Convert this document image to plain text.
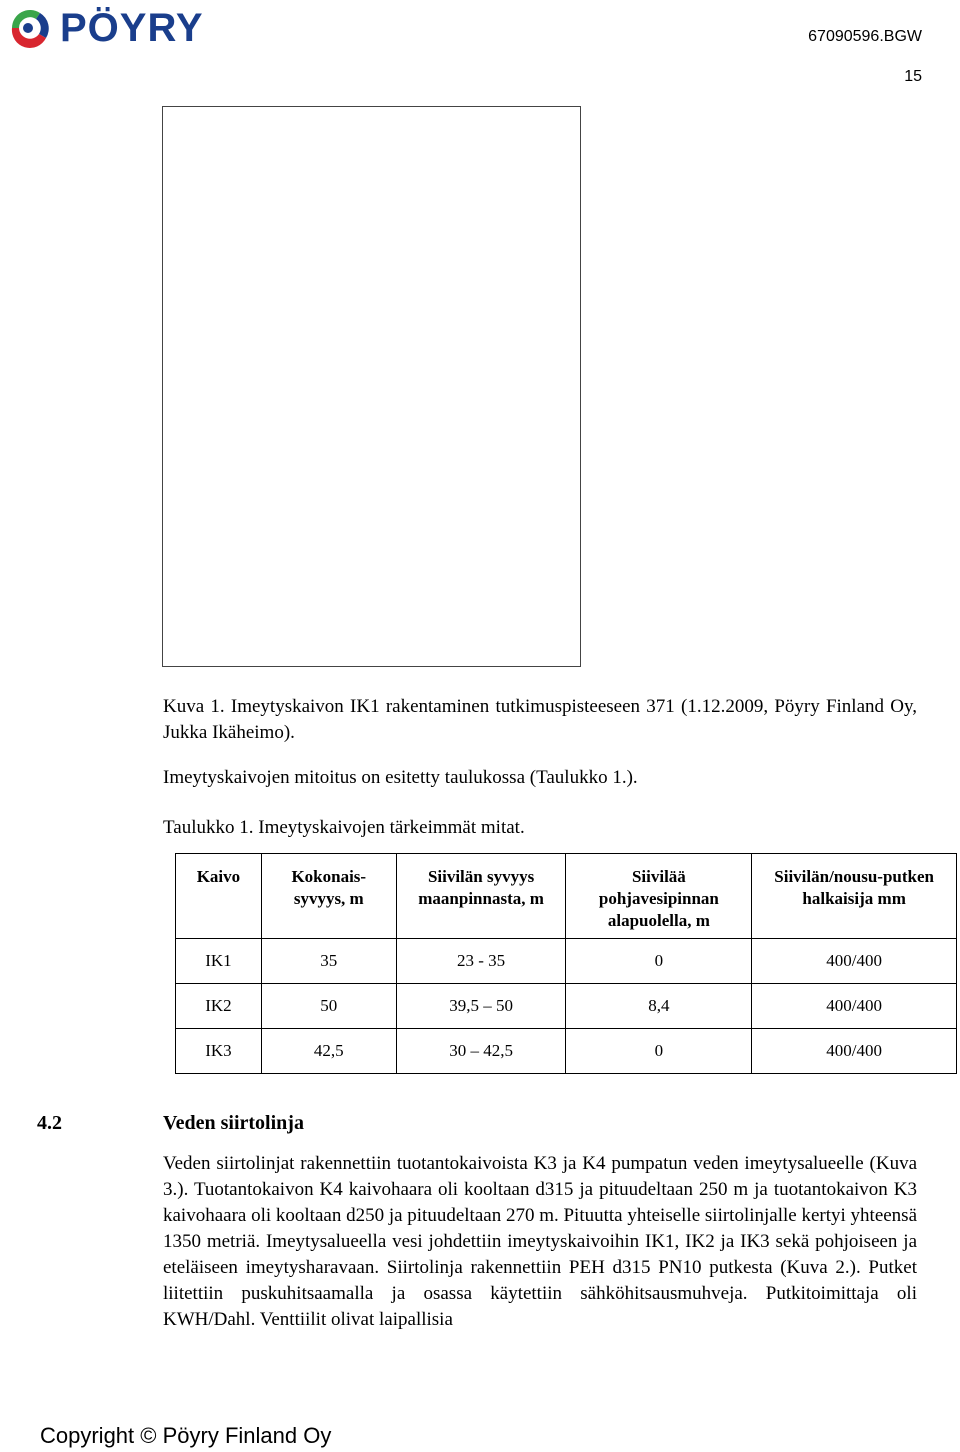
PÖYRY	67090596.BGW
15
Kuva 1. Imeytyskaivon IK1 rakentaminen tutkimuspisteeseen 371 (1.12.2009, Pöyry Finland Oy, Jukka Ikäheimo).
Imeytyskaivojen mitoitus on esitetty taulukossa (Taulukko 1.).
Taulukko 1. Imeytyskaivojen tärkeimmät mitat.
Kaivo	Kokonais-syvyys, m	Siivilän syvyys maanpinnasta, m	Siivilää pohjavesipinnan alapuolella, m	Siivilän/nousu-putken halkaisija mm
IK1	35	23 - 35	0	400/400
IK2	50	39,5 – 50	8,4	400/400
IK3	42,5	30 – 42,5	0	400/400
4.2	Veden siirtolinja
Veden siirtolinjat rakennettiin tuotantokaivoista K3 ja K4 pumpatun veden imeytysalueelle (Kuva 3.). Tuotantokaivon K4 kaivohaara oli kooltaan d315 ja pituudeltaan 250 m ja tuotantokaivon K3 kaivohaara oli kooltaan d250 ja pituudeltaan 270 m. Pituutta yhteiselle siirtolinjalle kertyi yhteensä 1350 metriä. Imeytysalueella vesi johdettiin imeytyskaivoihin IK1, IK2 ja IK3 sekä pohjoiseen ja eteläiseen imeytysharavaan. Siirtolinja rakennettiin PEH d315 PN10 putkesta (Kuva 2.). Putket liitettiin puskuhitsaamalla ja osassa käytettiin sähköhitsausmuhveja. Putkitoimittaja oli KWH/Dahl. Venttiilit olivat laipallisia
Copyright © Pöyry Finland Oy
